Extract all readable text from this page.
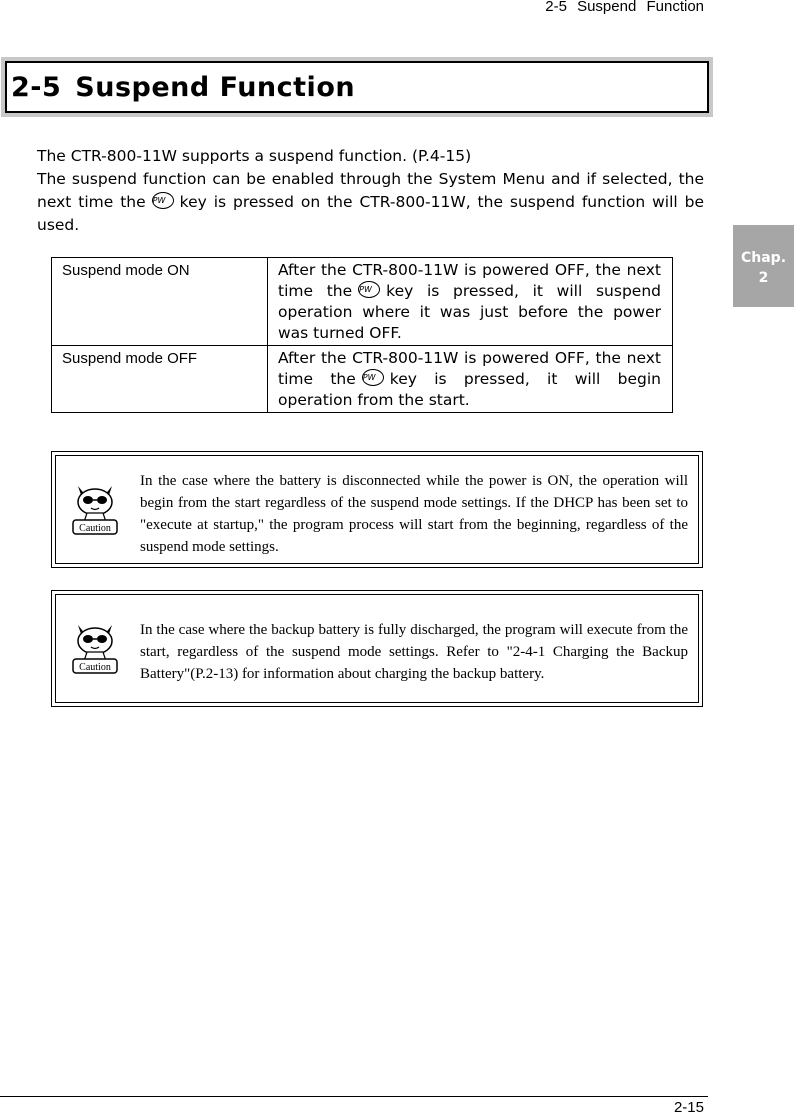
2-5 Suspend Function
2-5 Suspend Function
Chap.
2

The CTR-800-11W supports a suspend function. (P.4-15)

The suspend function can be enabled through the System Menu and if selected, the next time the PW key is pressed on the CTR-800-11W, the suspend function will be used.

Suspend mode ON	After the CTR-800-11W is powered OFF, the next time the PW key is pressed, it will suspend operation where it was just before the power was turned OFF.
Suspend mode OFF	After the CTR-800-11W is powered OFF, the next time the PW key is pressed, it will begin operation from the start.
Caution
In the case where the battery is disconnected while the power is ON, the operation will begin from the start regardless of the suspend mode settings. If the DHCP has been set to "execute at startup," the program process will start from the beginning, regardless of the suspend mode settings.
Caution
In the case where the backup battery is fully discharged, the program will execute from the start, regardless of the suspend mode settings. Refer to "2-4-1 Charging the Backup Battery"(P.2-13) for information about charging the backup battery.
2-15
